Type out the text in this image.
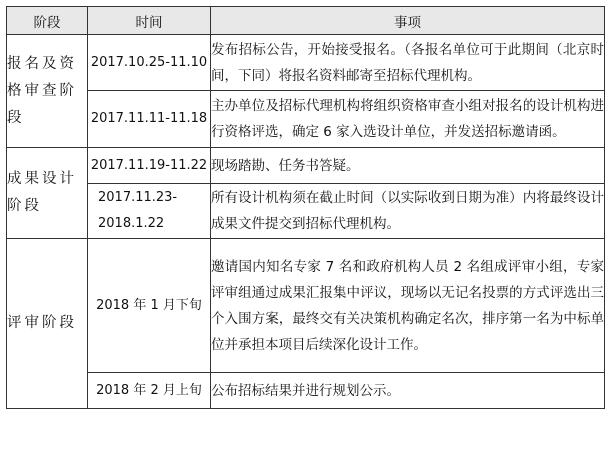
阶段	时间	事项
报名及资格审查阶段	2017.10.25-11.10	发布招标公告，开始接受报名。（各报名单位可于此期间（北京时间，下同）将报名资料邮寄至招标代理机构。
	2017.11.11-11.18	主办单位及招标代理机构将组织资格审查小组对报名的设计机构进行资格评选，确定 6 家入选设计单位，并发送招标邀请函。
成果设计阶段	2017.11.19-11.22	现场踏勘、任务书答疑。
	2017.11.23-2018.1.22	所有设计机构须在截止时间（以实际收到日期为准）内将最终设计成果文件提交到招标代理机构。
评审阶段	2018 年 1 月下旬	邀请国内知名专家 7 名和政府机构人员 2 名组成评审小组，专家评审组通过成果汇报集中评议，现场以无记名投票的方式评选出三个入围方案，最终交有关决策机构确定名次，排序第一名为中标单位并承担本项目后续深化设计工作。
	2018 年 2 月上旬	公布招标结果并进行规划公示。
